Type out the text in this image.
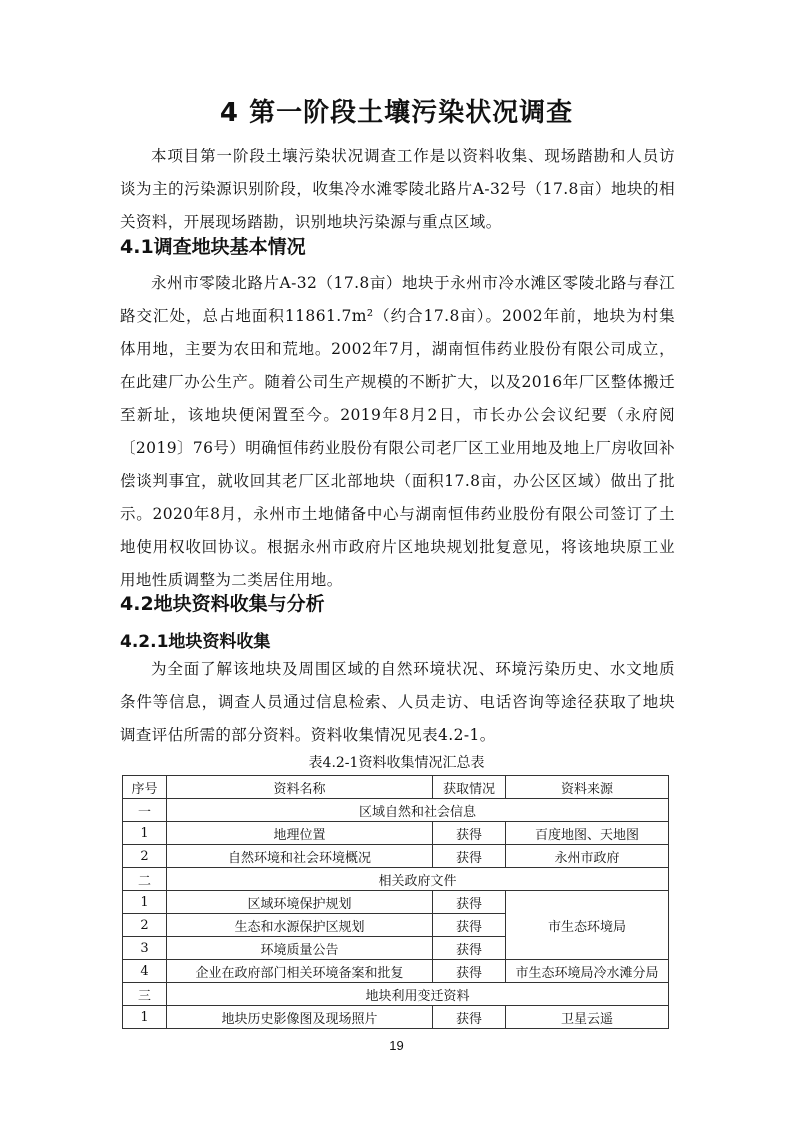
4 第一阶段土壤污染状况调查

本项目第一阶段土壤污染状况调查工作是以资料收集、现场踏勘和人员访谈为主的污染源识别阶段，收集冷水滩零陵北路片A-32号（17.8亩）地块的相关资料，开展现场踏勘，识别地块污染源与重点区域。

4.1调查地块基本情况

永州市零陵北路片A-32（17.8亩）地块于永州市冷水滩区零陵北路与春江路交汇处，总占地面积11861.7m²（约合17.8亩）。2002年前，地块为村集体用地，主要为农田和荒地。2002年7月，湖南恒伟药业股份有限公司成立，在此建厂办公生产。随着公司生产规模的不断扩大，以及2016年厂区整体搬迁至新址，该地块便闲置至今。2019年8月2日，市长办公会议纪要（永府阅〔2019〕76号）明确恒伟药业股份有限公司老厂区工业用地及地上厂房收回补偿谈判事宜，就收回其老厂区北部地块（面积17.8亩，办公区区域）做出了批示。2020年8月，永州市土地储备中心与湖南恒伟药业股份有限公司签订了土地使用权收回协议。根据永州市政府片区地块规划批复意见，将该地块原工业用地性质调整为二类居住用地。

4.2地块资料收集与分析
4.2.1地块资料收集

为全面了解该地块及周围区域的自然环境状况、环境污染历史、水文地质条件等信息，调查人员通过信息检索、人员走访、电话咨询等途径获取了地块调查评估所需的部分资料。资料收集情况见表4.2-1。

表4.2-1资料收集情况汇总表
序号	资料名称	获取情况	资料来源
一	区域自然和社会信息		
1	地理位置	获得	百度地图、天地图
2	自然环境和社会环境概况	获得	永州市政府
二	相关政府文件		
1	区域环境保护规划	获得	市生态环境局
2	生态和水源保护区规划	获得	
3	环境质量公告	获得	
4	企业在政府部门相关环境备案和批复	获得	市生态环境局冷水滩分局
三	地块利用变迁资料		
1	地块历史影像图及现场照片	获得	卫星云遥
19
